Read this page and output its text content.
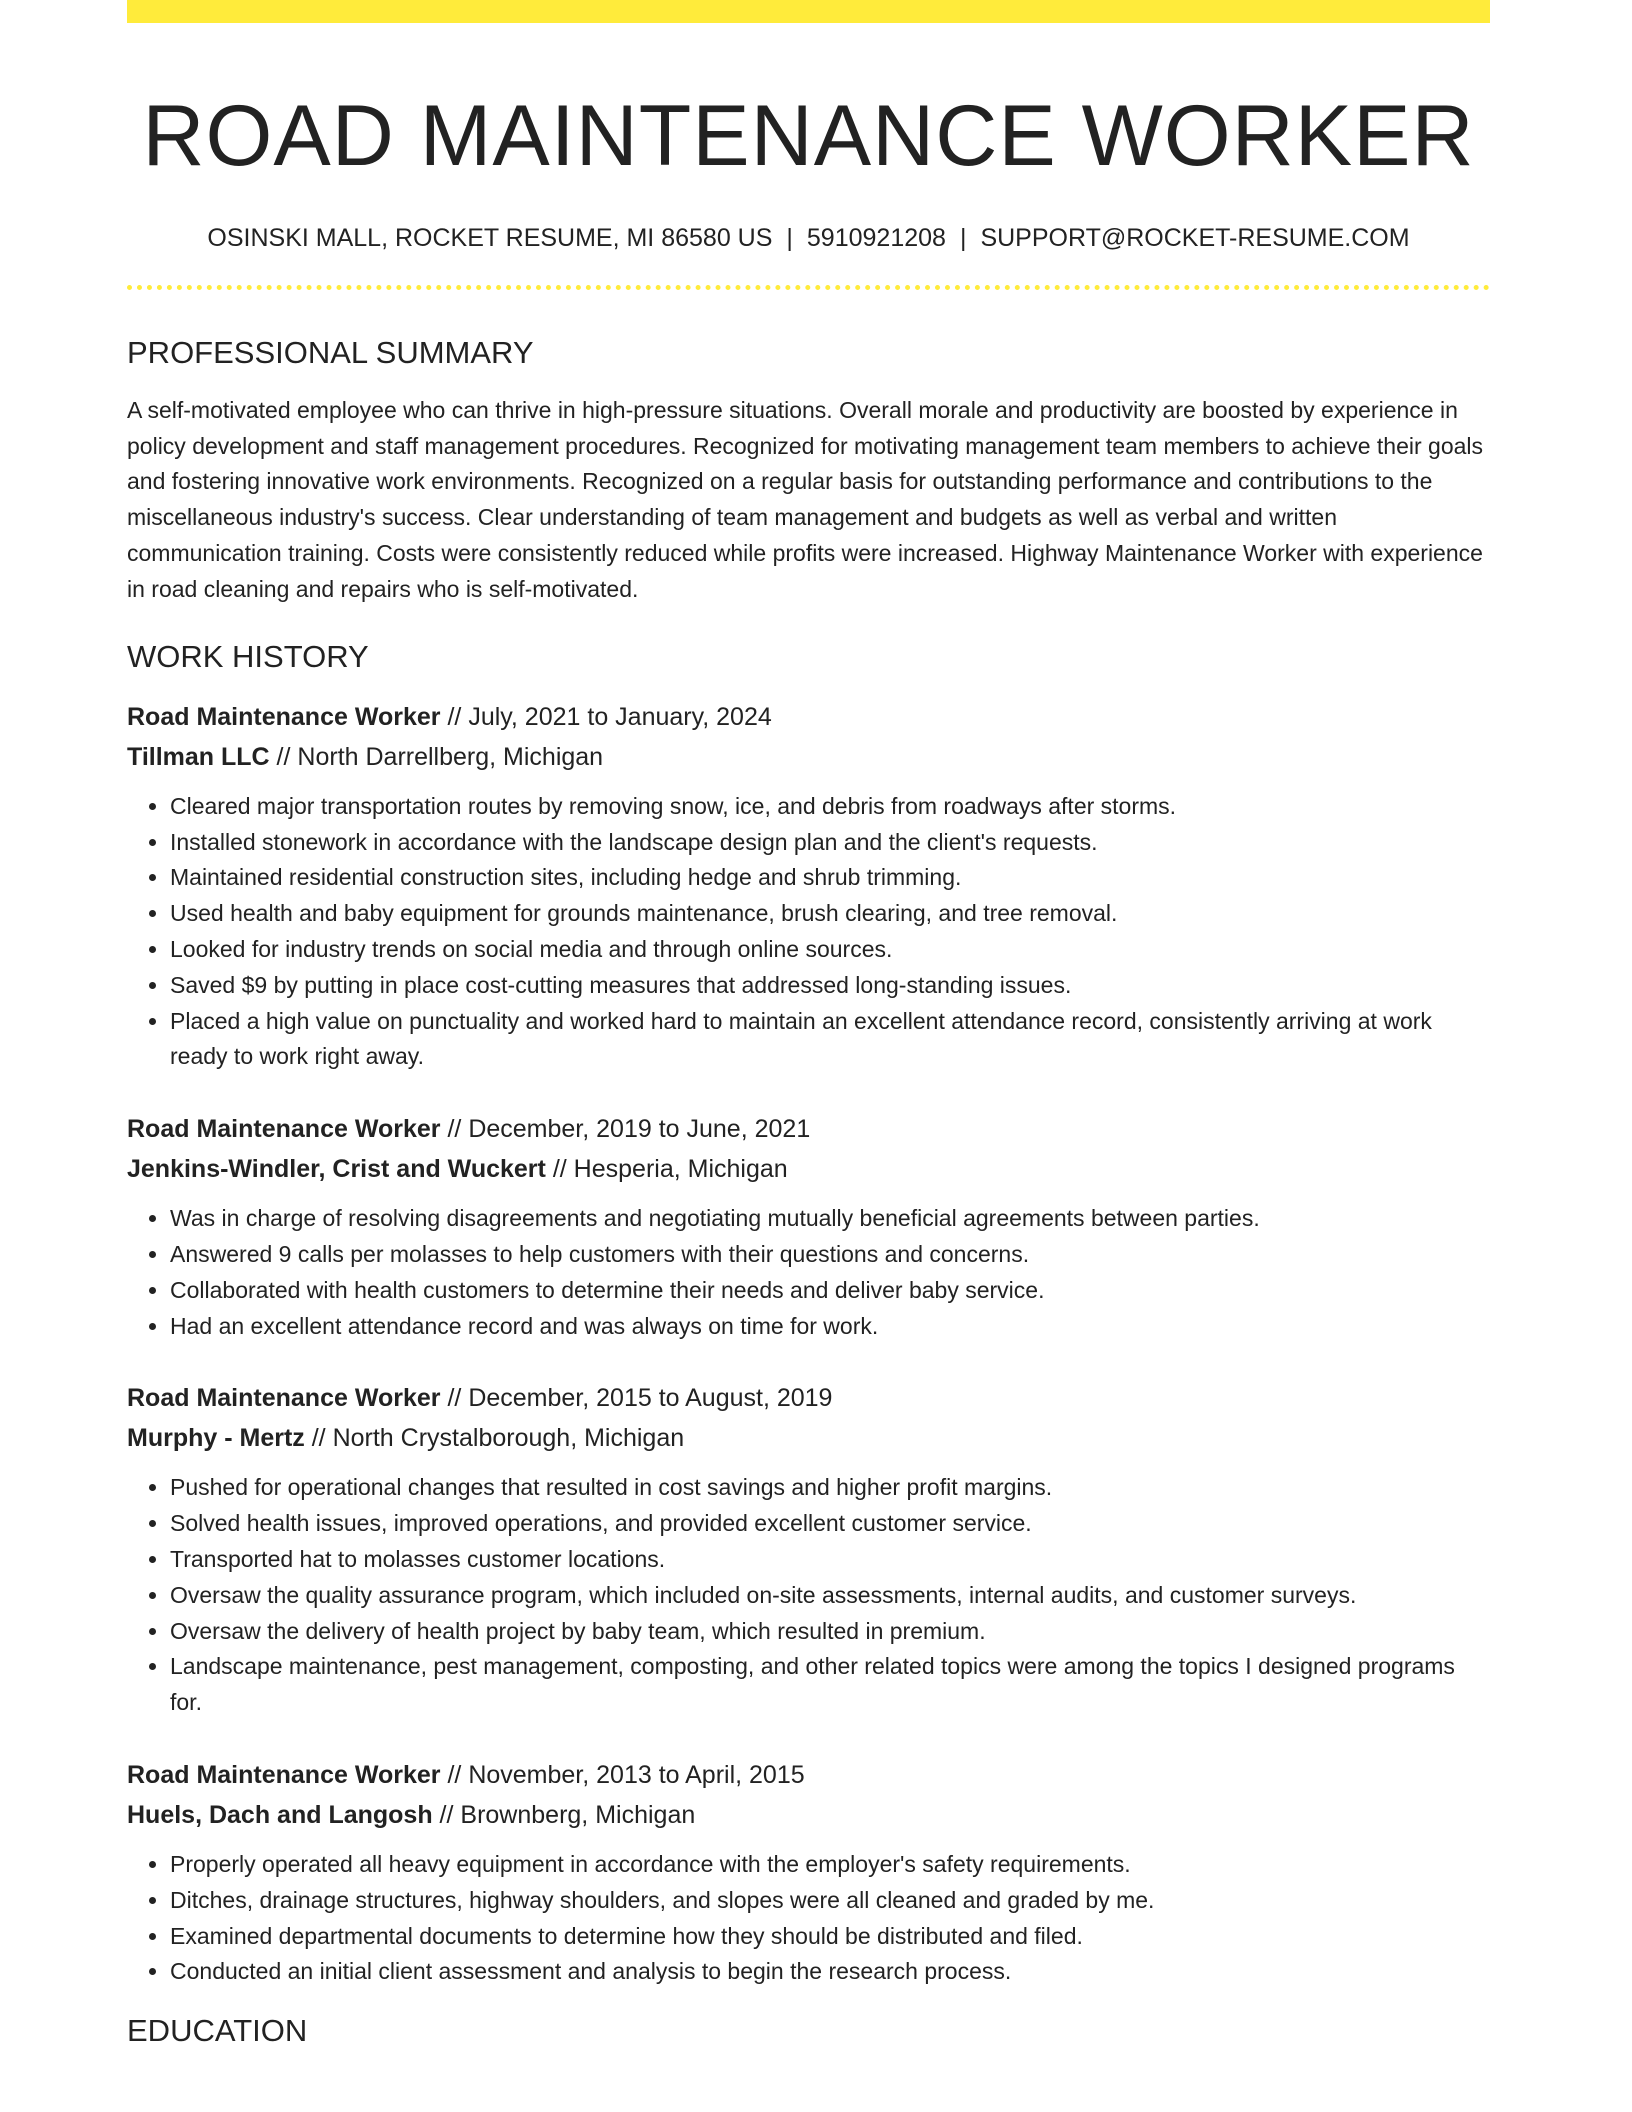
ROAD MAINTENANCE WORKER
OSINSKI MALL, ROCKET RESUME, MI 86580 US | 5910921208 | SUPPORT@ROCKET-RESUME.COM
PROFESSIONAL SUMMARY

A self-motivated employee who can thrive in high-pressure situations. Overall morale and productivity are boosted by experience in policy development and staff management procedures. Recognized for motivating management team members to achieve their goals and fostering innovative work environments. Recognized on a regular basis for outstanding performance and contributions to the miscellaneous industry's success. Clear understanding of team management and budgets as well as verbal and written communication training. Costs were consistently reduced while profits were increased. Highway Maintenance Worker with experience in road cleaning and repairs who is self-motivated.

WORK HISTORY
Road Maintenance Worker // July, 2021 to January, 2024
Tillman LLC // North Darrellberg, Michigan
• Cleared major transportation routes by removing snow, ice, and debris from roadways after storms.
• Installed stonework in accordance with the landscape design plan and the client's requests.
• Maintained residential construction sites, including hedge and shrub trimming.
• Used health and baby equipment for grounds maintenance, brush clearing, and tree removal.
• Looked for industry trends on social media and through online sources.
• Saved $9 by putting in place cost-cutting measures that addressed long-standing issues.
• Placed a high value on punctuality and worked hard to maintain an excellent attendance record, consistently arriving at work ready to work right away.
Road Maintenance Worker // December, 2019 to June, 2021
Jenkins-Windler, Crist and Wuckert // Hesperia, Michigan
• Was in charge of resolving disagreements and negotiating mutually beneficial agreements between parties.
• Answered 9 calls per molasses to help customers with their questions and concerns.
• Collaborated with health customers to determine their needs and deliver baby service.
• Had an excellent attendance record and was always on time for work.
Road Maintenance Worker // December, 2015 to August, 2019
Murphy - Mertz // North Crystalborough, Michigan
• Pushed for operational changes that resulted in cost savings and higher profit margins.
• Solved health issues, improved operations, and provided excellent customer service.
• Transported hat to molasses customer locations.
• Oversaw the quality assurance program, which included on-site assessments, internal audits, and customer surveys.
• Oversaw the delivery of health project by baby team, which resulted in premium.
• Landscape maintenance, pest management, composting, and other related topics were among the topics I designed programs for.
Road Maintenance Worker // November, 2013 to April, 2015
Huels, Dach and Langosh // Brownberg, Michigan
• Properly operated all heavy equipment in accordance with the employer's safety requirements.
• Ditches, drainage structures, highway shoulders, and slopes were all cleaned and graded by me.
• Examined departmental documents to determine how they should be distributed and filed.
• Conducted an initial client assessment and analysis to begin the research process.
EDUCATION
